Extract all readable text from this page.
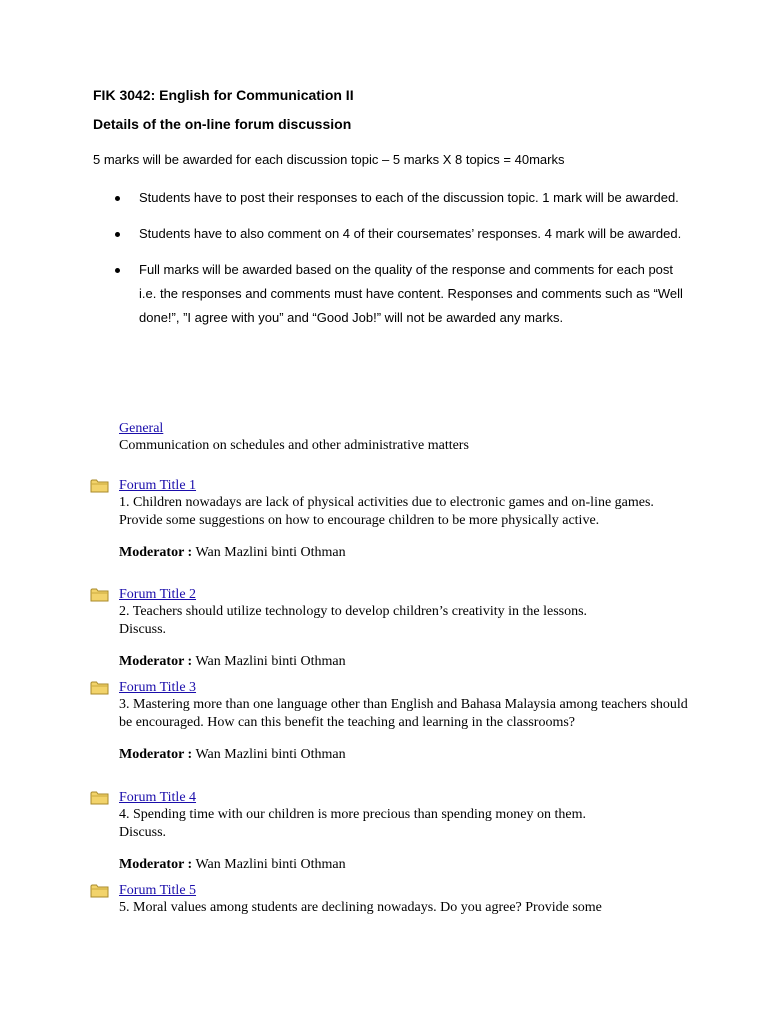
FIK 3042: English for Communication II
Details of the on-line forum discussion

5 marks will be awarded for each discussion topic – 5 marks X 8 topics = 40marks

Students have to post their responses to each of the discussion topic. 1 mark will be awarded.
Students have to also comment on 4 of their coursemates’ responses. 4 mark will be awarded.
Full marks will be awarded based on the quality of the response and comments for each post i.e. the responses and comments must have content. Responses and comments such as “Well done!”, ”I agree with you” and “Good Job!” will not be awarded any marks.
General
Communication on schedules and other administrative matters
Forum Title 1

1. Children nowadays are lack of physical activities due to electronic games and on-line games. Provide some suggestions on how to encourage children to be more physically active.

Moderator : Wan Mazlini binti Othman
Forum Title 2

2. Teachers should utilize technology to develop children’s creativity in the lessons. Discuss.

Moderator : Wan Mazlini binti Othman
Forum Title 3

3. Mastering more than one language other than English and Bahasa Malaysia among teachers should be encouraged. How can this benefit the teaching and learning in the classrooms?

Moderator : Wan Mazlini binti Othman
Forum Title 4

4. Spending time with our children is more precious than spending money on them. Discuss.

Moderator : Wan Mazlini binti Othman
Forum Title 5

5. Moral values among students are declining nowadays. Do you agree? Provide some
